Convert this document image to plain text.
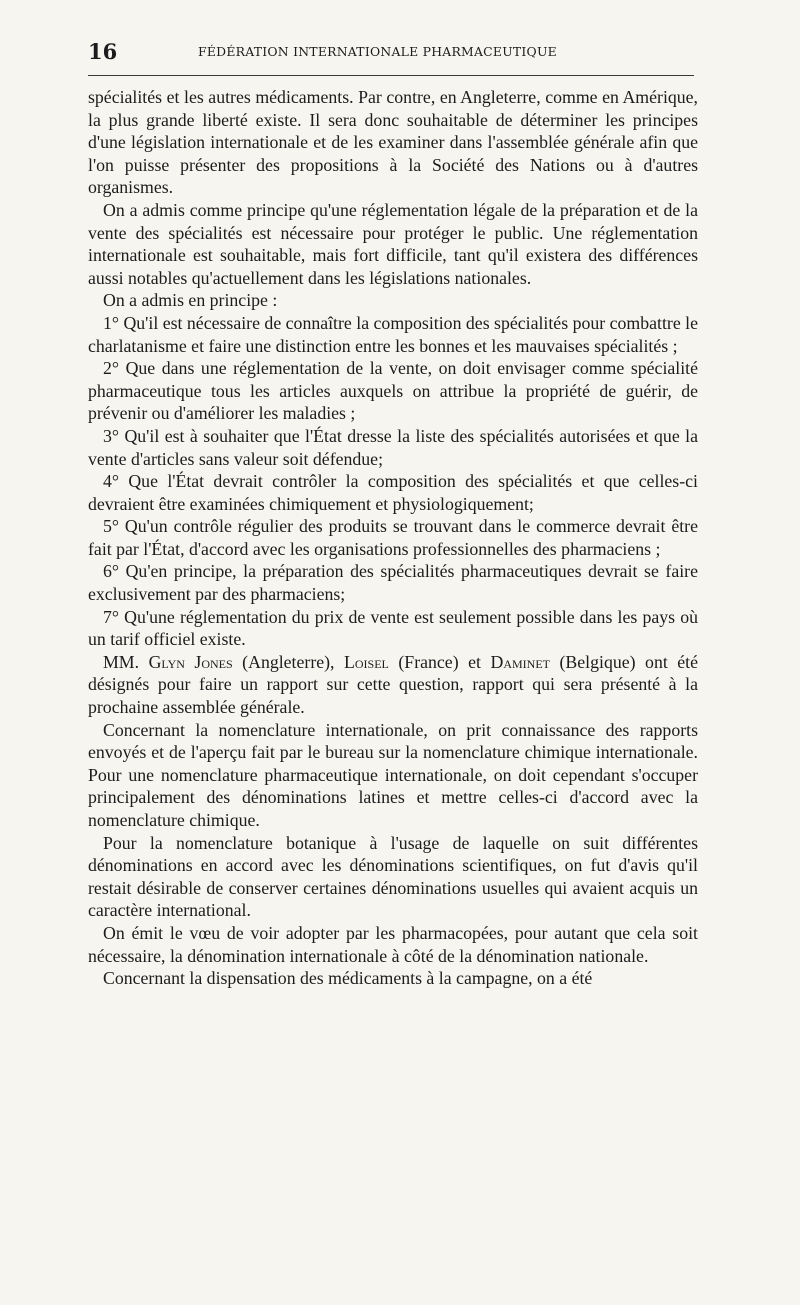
16	FÉDÉRATION INTERNATIONALE PHARMACEUTIQUE

spécialités et les autres médicaments. Par contre, en Angleterre, comme en Amérique, la plus grande liberté existe. Il sera donc souhaitable de déterminer les principes d'une législation internationale et de les examiner dans l'assemblée générale afin que l'on puisse présenter des propositions à la Société des Nations ou à d'autres organismes.

On a admis comme principe qu'une réglementation légale de la préparation et de la vente des spécialités est nécessaire pour protéger le public. Une réglementation internationale est souhaitable, mais fort difficile, tant qu'il existera des différences aussi notables qu'actuellement dans les législations nationales.

On a admis en principe :

1° Qu'il est nécessaire de connaître la composition des spécialités pour combattre le charlatanisme et faire une distinction entre les bonnes et les mauvaises spécialités ;

2° Que dans une réglementation de la vente, on doit envisager comme spécialité pharmaceutique tous les articles auxquels on attribue la propriété de guérir, de prévenir ou d'améliorer les maladies ;

3° Qu'il est à souhaiter que l'État dresse la liste des spécialités autorisées et que la vente d'articles sans valeur soit défendue;

4° Que l'État devrait contrôler la composition des spécialités et que celles-ci devraient être examinées chimiquement et physiologiquement;

5° Qu'un contrôle régulier des produits se trouvant dans le commerce devrait être fait par l'État, d'accord avec les organisations professionnelles des pharmaciens ;

6° Qu'en principe, la préparation des spécialités pharmaceutiques devrait se faire exclusivement par des pharmaciens;

7° Qu'une réglementation du prix de vente est seulement possible dans les pays où un tarif officiel existe.

MM. Glyn Jones (Angleterre), Loisel (France) et Daminet (Belgique) ont été désignés pour faire un rapport sur cette question, rapport qui sera présenté à la prochaine assemblée générale.

Concernant la nomenclature internationale, on prit connaissance des rapports envoyés et de l'aperçu fait par le bureau sur la nomenclature chimique internationale. Pour une nomenclature pharmaceutique internationale, on doit cependant s'occuper principalement des dénominations latines et mettre celles-ci d'accord avec la nomenclature chimique.

Pour la nomenclature botanique à l'usage de laquelle on suit différentes dénominations en accord avec les dénominations scientifiques, on fut d'avis qu'il restait désirable de conserver certaines dénominations usuelles qui avaient acquis un caractère international.

On émit le vœu de voir adopter par les pharmacopées, pour autant que cela soit nécessaire, la dénomination internationale à côté de la dénomination nationale.

Concernant la dispensation des médicaments à la campagne, on a été
